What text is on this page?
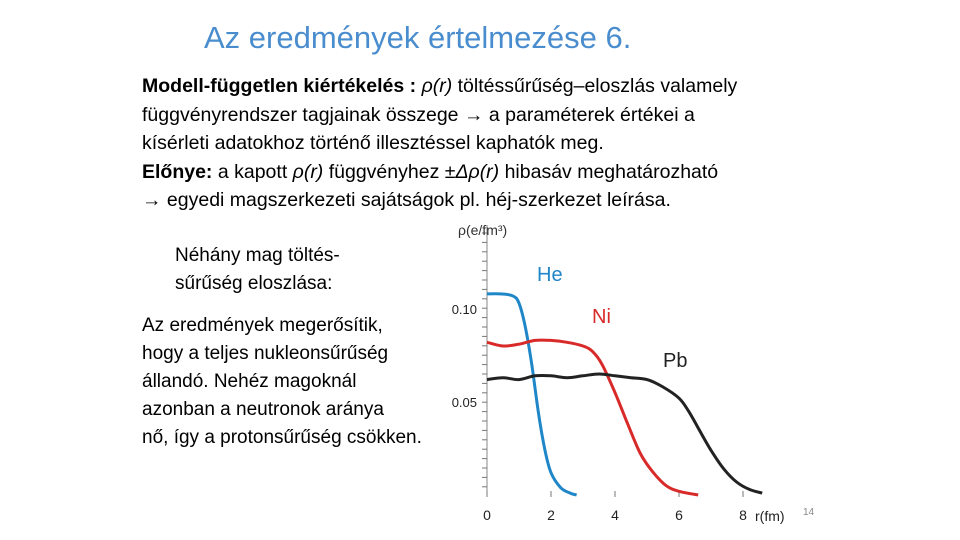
Az eredmények értelmezése 6.

Modell-független kiértékelés : ρ(r) töltéssűrűség–eloszlás valamely

függvényrendszer tagjainak összege → a paraméterek értékei a

kísérleti adatokhoz történő illesztéssel kaphatók meg.

Előnye: a kapott ρ(r) függvényhez ±Δρ(r) hibasáv meghatározható

→ egyedi magszerkezeti sajátságok pl. héj-szerkezet leírása.

Néhány mag töltés-
sűrűség eloszlása:
Az eredmények megerősítik,
hogy a teljes nukleonsűrűség
állandó. Nehéz magoknál
azonban a neutronok aránya
nő, így a protonsűrűség csökken.
0	2	4	6	8
0.10
0.05
ρ(e/fm³)
r(fm)
He
Ni
Pb
14
